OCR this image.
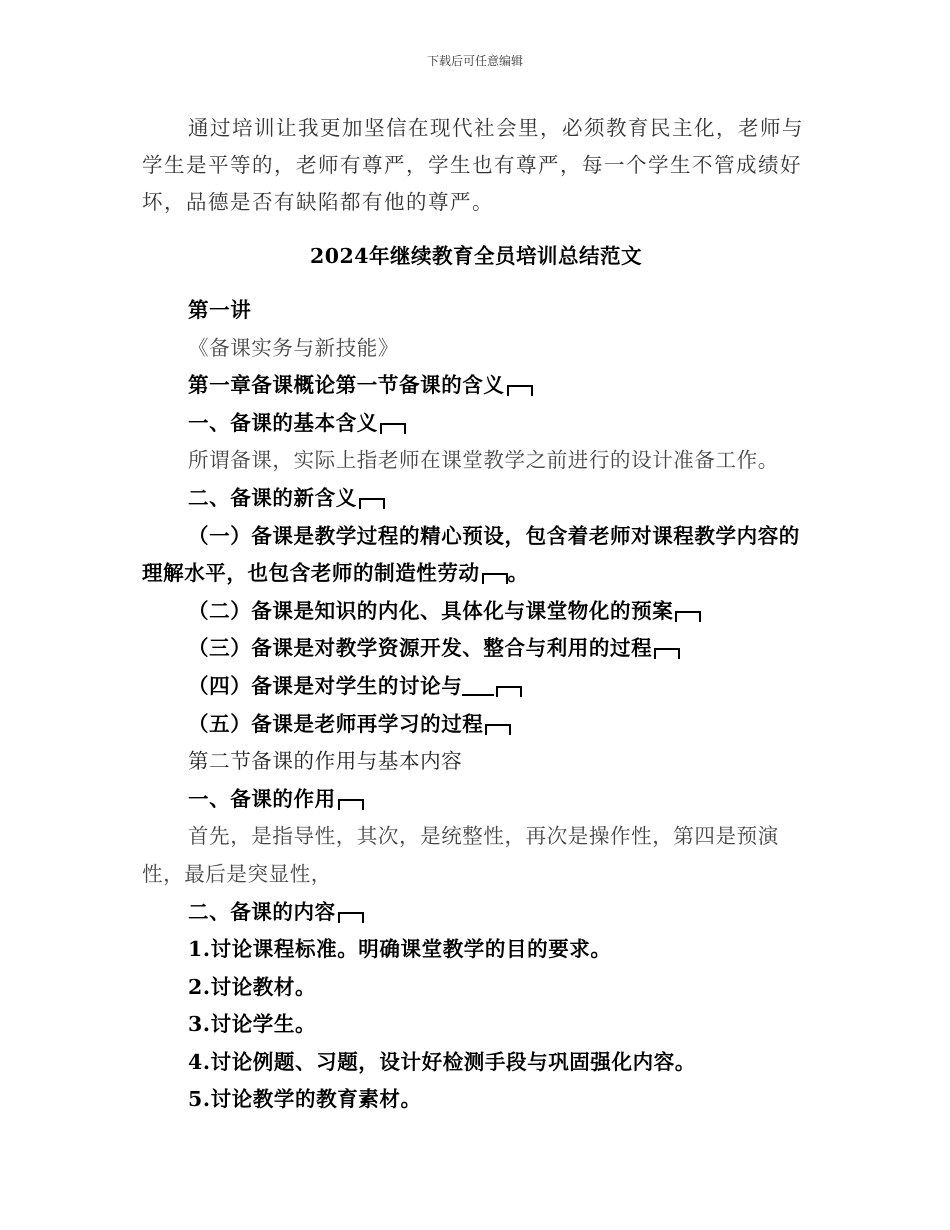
下载后可任意编辑

通过培训让我更加坚信在现代社会里，必须教育民主化，老师与学生是平等的，老师有尊严，学生也有尊严，每一个学生不管成绩好坏，品德是否有缺陷都有他的尊严。

2024年继续教育全员培训总结范文

第一讲

《备课实务与新技能》

第一章备课概论第一节备课的含义

一、备课的基本含义

所谓备课，实际上指老师在课堂教学之前进行的设计准备工作。

二、备课的新含义

（一）备课是教学过程的精心预设，包含着老师对课程教学内容的理解水平，也包含老师的制造性劳动 。

（二）备课是知识的内化、具体化与课堂物化的预案

（三）备课是对教学资源开发、整合与利用的过程

（四）备课是对学生的讨论与

（五）备课是老师再学习的过程

第二节备课的作用与基本内容

一、备课的作用

首先，是指导性，其次，是统整性，再次是操作性，第四是预演性，最后是突显性，

二、备课的内容

1.讨论课程标准。明确课堂教学的目的要求。

2.讨论教材。

3.讨论学生。

4.讨论例题、习题，设计好检测手段与巩固强化内容。

5.讨论教学的教育素材。
